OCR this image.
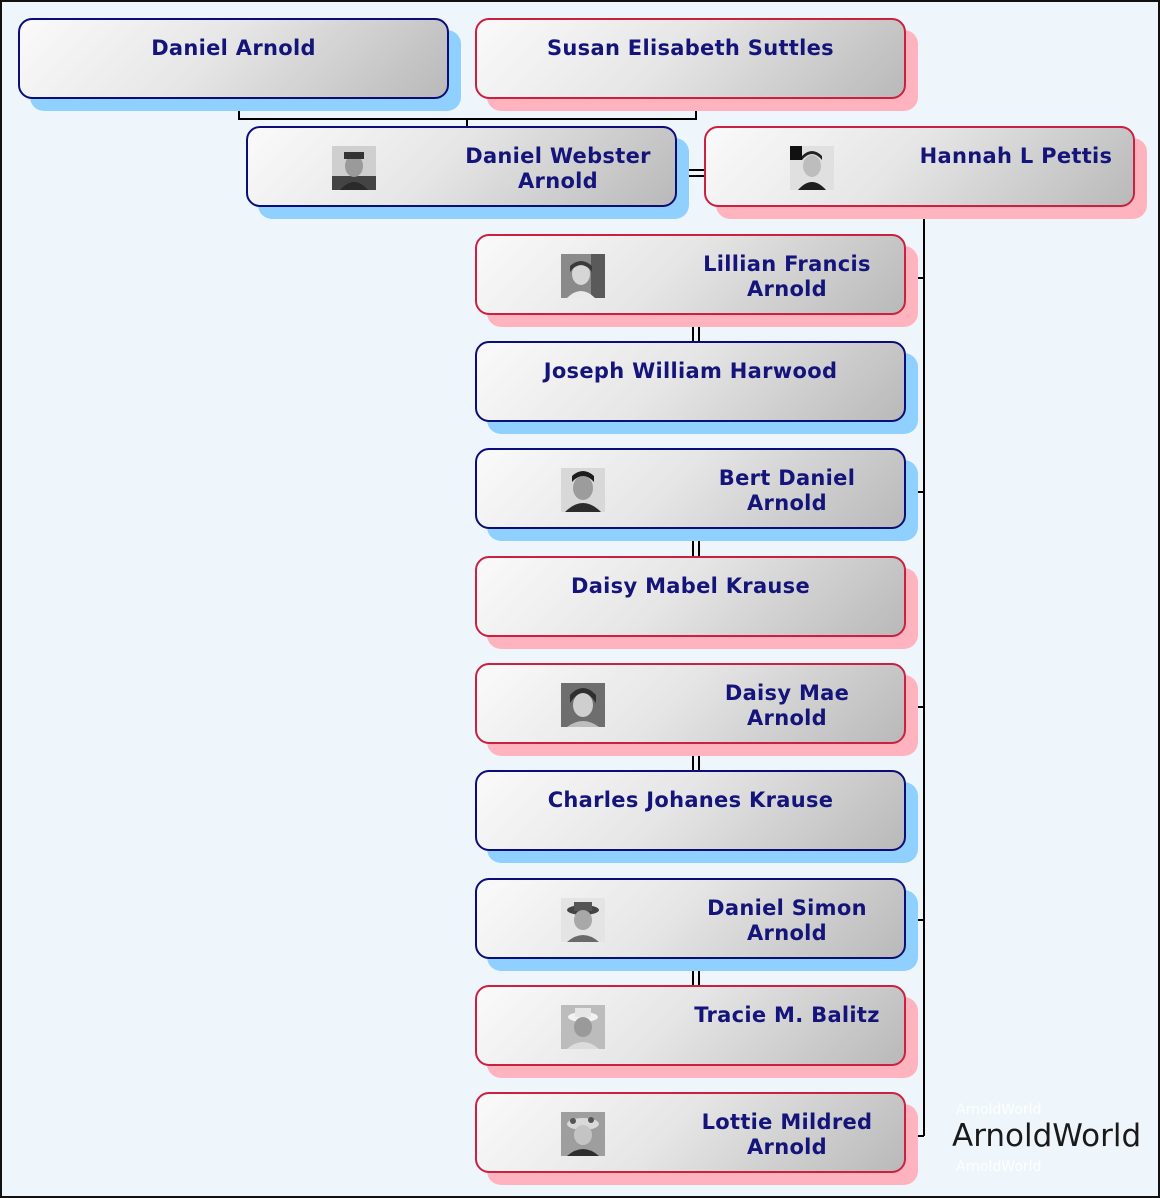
Daniel Arnold	Susan Elisabeth Suttles
Daniel Webster
Arnold
Hannah L Pettis
Lillian Francis
Arnold
Joseph William Harwood
Bert Daniel
Arnold
Daisy Mabel Krause
Daisy Mae
Arnold
Charles Johanes Krause
Daniel Simon
Arnold
Tracie M. Balitz
Lottie Mildred
Arnold
ArnoldWorld
ArnoldWorld
ArnoldWorld
